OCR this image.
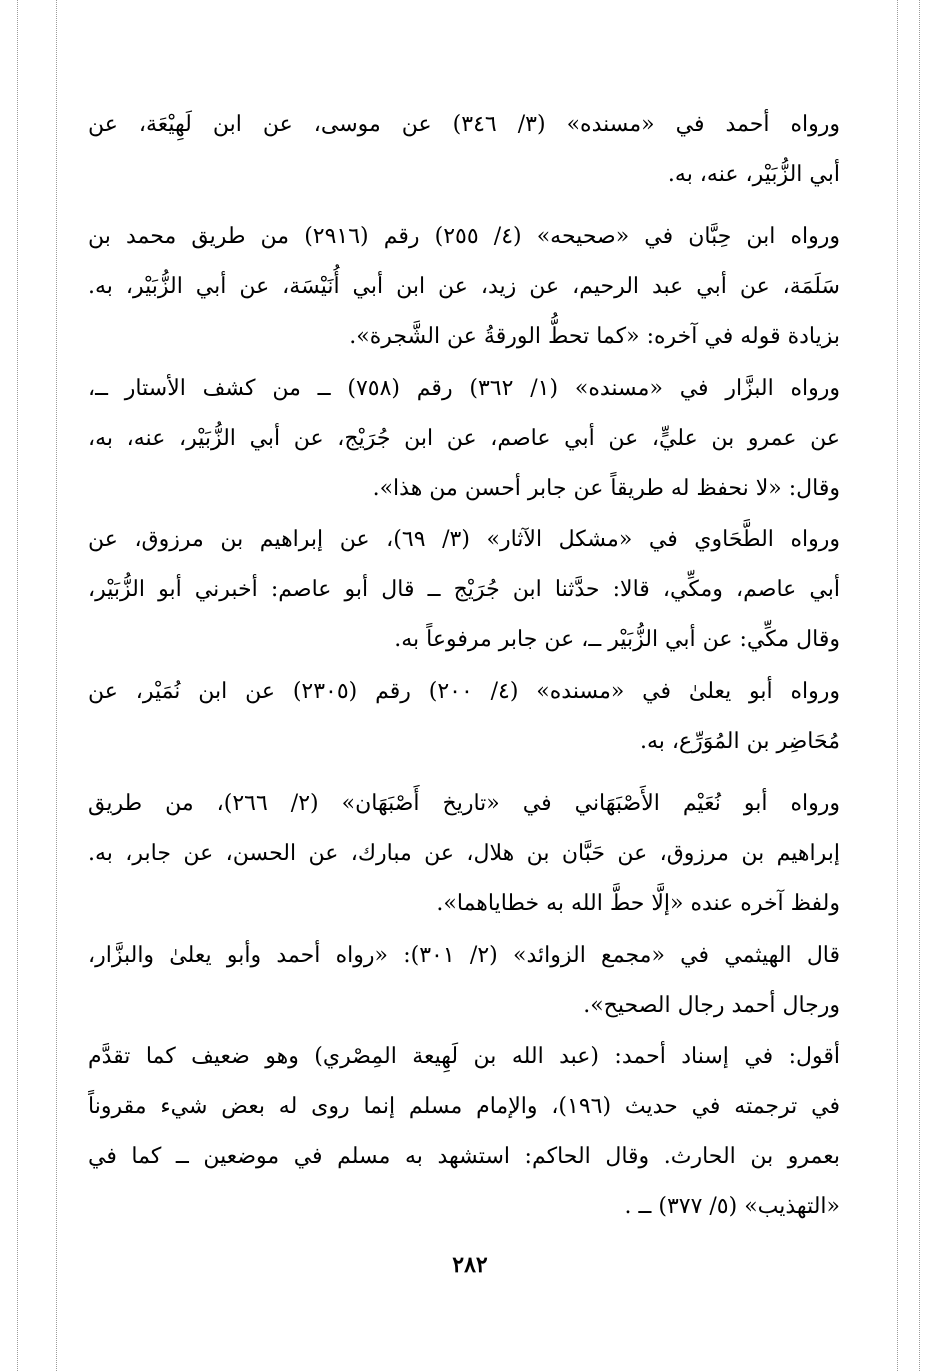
ورواه أحمد في «مسنده» (٣/ ٣٤٦) عن موسى، عن ابن لَهِيْعَة، عن
أبي الزُّبَيْر، عنه، به.
ورواه ابن حِبَّان في «صحيحه» (٤/ ٢٥٥) رقم (٢٩١٦) من طريق محمد بن
سَلَمَة، عن أبي عبد الرحيم، عن زيد، عن ابن أبي أُنَيْسَة، عن أبي الزُّبَيْر، به.
بزيادة قوله في آخره: «كما تحطُّ الورقةُ عن الشَّجرة».
ورواه البزَّار في «مسنده» (١/ ٣٦٢) رقم (٧٥٨) ــ من كشف الأستار ــ،
عن عمرو بن عليٍّ، عن أبي عاصم، عن ابن جُرَيْج، عن أبي الزُّبَيْر، عنه، به،
وقال: «لا نحفظ له طريقاً عن جابر أحسن من هذا».
ورواه الطَّحَاوي في «مشكل الآثار» (٣/ ٦٩)، عن إبراهيم بن مرزوق، عن
أبي عاصم، ومكِّي، قالا: حدَّثنا ابن جُرَيْج ــ قال أبو عاصم: أخبرني أبو الزُّبَيْر،
وقال مكِّي: عن أبي الزُّبَيْر ــ، عن جابر مرفوعاً به.
ورواه أبو يعلىٰ في «مسنده» (٤/ ٢٠٠) رقم (٢٣٠٥) عن ابن نُمَيْر، عن
مُحَاضِر بن المُوَرِّع، به.
ورواه أبو نُعَيْم الأَصْبَهَاني في «تاريخ أَصْبَهَان» (٢/ ٢٦٦)، من طريق
إبراهيم بن مرزوق، عن حَبَّان بن هلال، عن مبارك، عن الحسن، عن جابر، به.
ولفظ آخره عنده «إلَّا حطَّ الله به خطاياهما».
قال الهيثمي في «مجمع الزوائد» (٢/ ٣٠١): «رواه أحمد وأبو يعلىٰ والبزَّار،
ورجال أحمد رجال الصحيح».
أقول: في إسناد أحمد: (عبد الله بن لَهِيعة المِصْري) وهو ضعيف كما تقدَّم
في ترجمته في حديث (١٩٦)، والإمام مسلم إنما روى له بعض شيء مقروناً
بعمرو بن الحارث. وقال الحاكم: استشهد به مسلم في موضعين ــ كما في
«التهذيب» (٥/ ٣٧٧) ــ .
٢٨٢
